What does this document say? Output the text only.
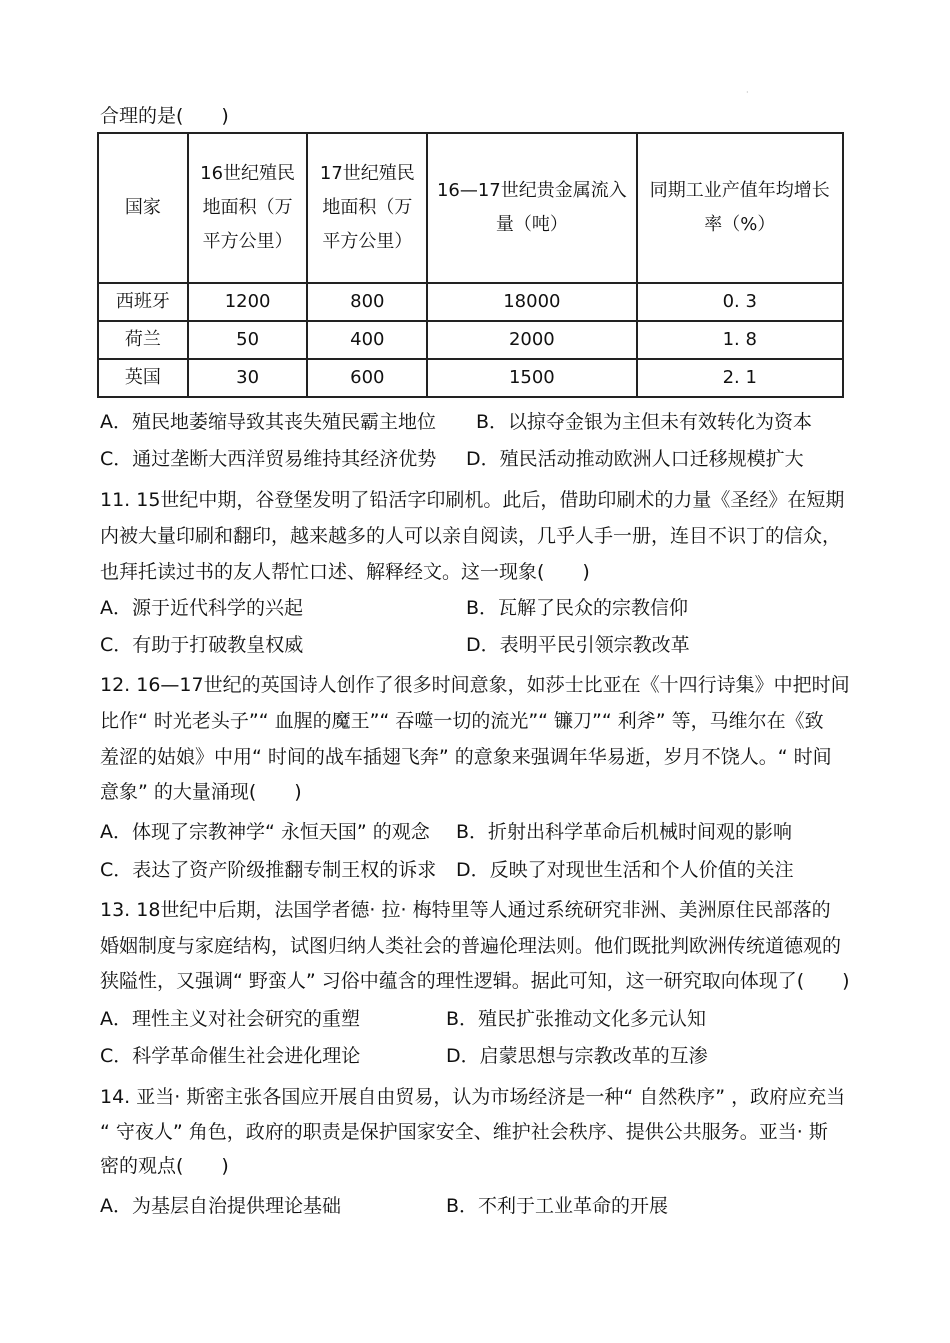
·
合理的是(　　)
国家	16世纪殖民地面积（万平方公里）	17世纪殖民地面积（万平方公里）	16—17世纪贵金属流入量（吨）	同期工业产值年均增长率（%）
西班牙	1200	800	18000	0. 3
荷兰	50	400	2000	1. 8
英国	30	600	1500	2. 1
A．殖民地萎缩导致其丧失殖民霸主地位 B．以掠夺金银为主但未有效转化为资本
C．通过垄断大西洋贸易维持其经济优势 D．殖民活动推动欧洲人口迁移规模扩大
11. 15世纪中期，谷登堡发明了铅活字印刷机。此后，借助印刷术的力量《圣经》在短期
内被大量印刷和翻印，越来越多的人可以亲自阅读，几乎人手一册，连目不识丁的信众，
也拜托读过书的友人帮忙口述、解释经文。这一现象(　　)
A．源于近代科学的兴起	B．瓦解了民众的宗教信仰
C．有助于打破教皇权威	D．表明平民引领宗教改革
12. 16—17世纪的英国诗人创作了很多时间意象，如莎士比亚在《十四行诗集》中把时间
比作“ 时光老头子”“ 血腥的魔王”“ 吞噬一切的流光”“ 镰刀”“ 利斧” 等，马维尔在《致
羞涩的姑娘》中用“ 时间的战车插翅飞奔” 的意象来强调年华易逝，岁月不饶人。“ 时间
意象” 的大量涌现(　　)
A．体现了宗教神学“ 永恒天国” 的观念 B．折射出科学革命后机械时间观的影响
C．表达了资产阶级推翻专制王权的诉求 D．反映了对现世生活和个人价值的关注
13. 18世纪中后期，法国学者德· 拉· 梅特里等人通过系统研究非洲、美洲原住民部落的
婚姻制度与家庭结构，试图归纳人类社会的普遍伦理法则。他们既批判欧洲传统道德观的
狭隘性，又强调“ 野蛮人” 习俗中蕴含的理性逻辑。据此可知，这一研究取向体现了(　　)
A．理性主义对社会研究的重塑	B．殖民扩张推动文化多元认知
C．科学革命催生社会进化理论	D．启蒙思想与宗教改革的互渗
14. 亚当· 斯密主张各国应开展自由贸易，认为市场经济是一种“ 自然秩序” ，政府应充当
“ 守夜人” 角色，政府的职责是保护国家安全、维护社会秩序、提供公共服务。亚当· 斯
密的观点(　　)
A．为基层自治提供理论基础	B．不利于工业革命的开展
